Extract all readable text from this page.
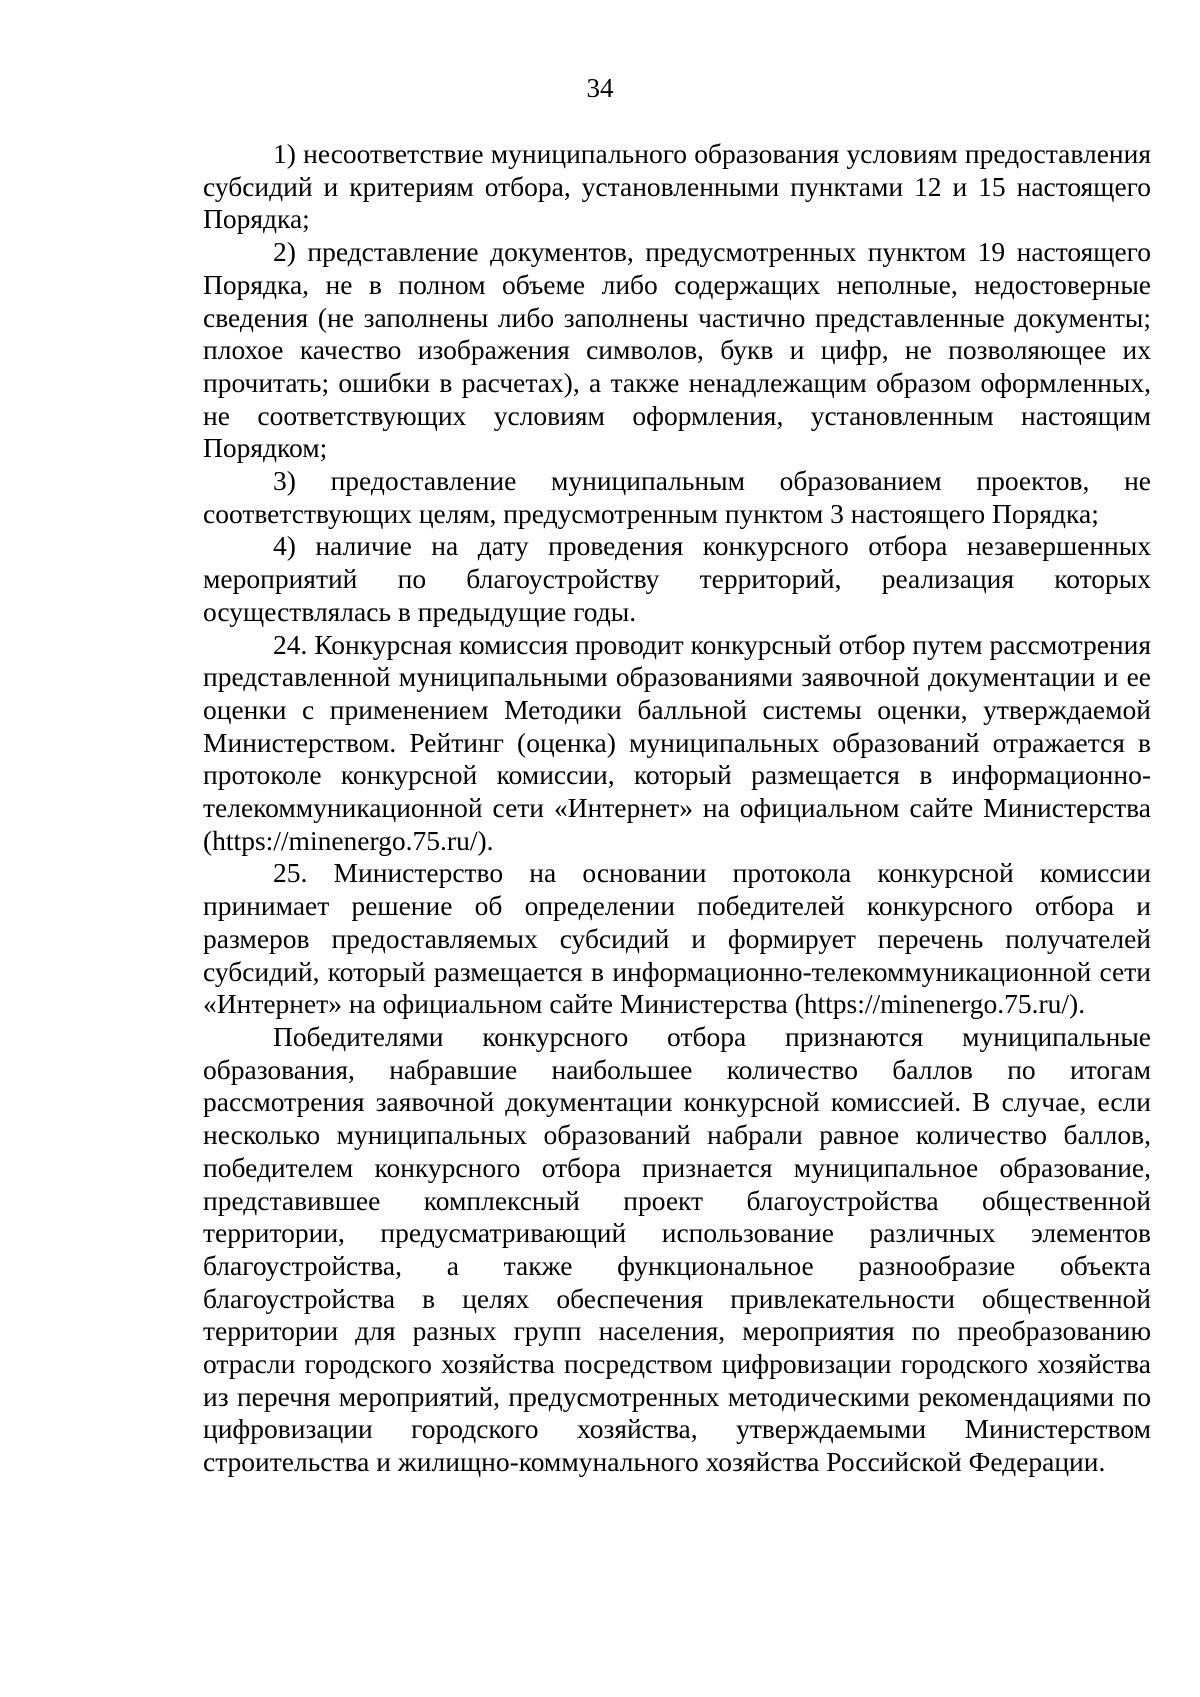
34

1) несоответствие муниципального образования условиям предоставления субсидий и критериям отбора, установленными пунктами 12 и 15 настоящего Порядка;

2) представление документов, предусмотренных пунктом 19 настоящего Порядка, не в полном объеме либо содержащих неполные, недостоверные сведения (не заполнены либо заполнены частично представленные документы; плохое качество изображения символов, букв и цифр, не позволяющее их прочитать; ошибки в расчетах), а также ненадлежащим образом оформленных, не соответствующих условиям оформления, установленным настоящим Порядком;

3) предоставление муниципальным образованием проектов, не соответствующих целям, предусмотренным пунктом 3 настоящего Порядка;

4) наличие на дату проведения конкурсного отбора незавершенных мероприятий по благоустройству территорий, реализация которых осуществлялась в предыдущие годы.

24. Конкурсная комиссия проводит конкурсный отбор путем рассмотрения представленной муниципальными образованиями заявочной документации и ее оценки с применением Методики балльной системы оценки, утверждаемой Министерством. Рейтинг (оценка) муниципальных образований отражается в протоколе конкурсной комиссии, который размещается в информационно-телекоммуникационной сети «Интернет» на официальном сайте Министерства (https://minenergo.75.ru/).

25. Министерство на основании протокола конкурсной комиссии принимает решение об определении победителей конкурсного отбора и размеров предоставляемых субсидий и формирует перечень получателей субсидий, который размещается в информационно-телекоммуникационной сети «Интернет» на официальном сайте Министерства (https://minenergo.75.ru/).

Победителями конкурсного отбора признаются муниципальные образования, набравшие наибольшее количество баллов по итогам рассмотрения заявочной документации конкурсной комиссией. В случае, если несколько муниципальных образований набрали равное количество баллов, победителем конкурсного отбора признается муниципальное образование, представившее комплексный проект благоустройства общественной территории, предусматривающий использование различных элементов благоустройства, а также функциональное разнообразие объекта благоустройства в целях обеспечения привлекательности общественной территории для разных групп населения, мероприятия по преобразованию отрасли городского хозяйства посредством цифровизации городского хозяйства из перечня мероприятий, предусмотренных методическими рекомендациями по цифровизации городского хозяйства, утверждаемыми Министерством строительства и жилищно-коммунального хозяйства Российской Федерации.
